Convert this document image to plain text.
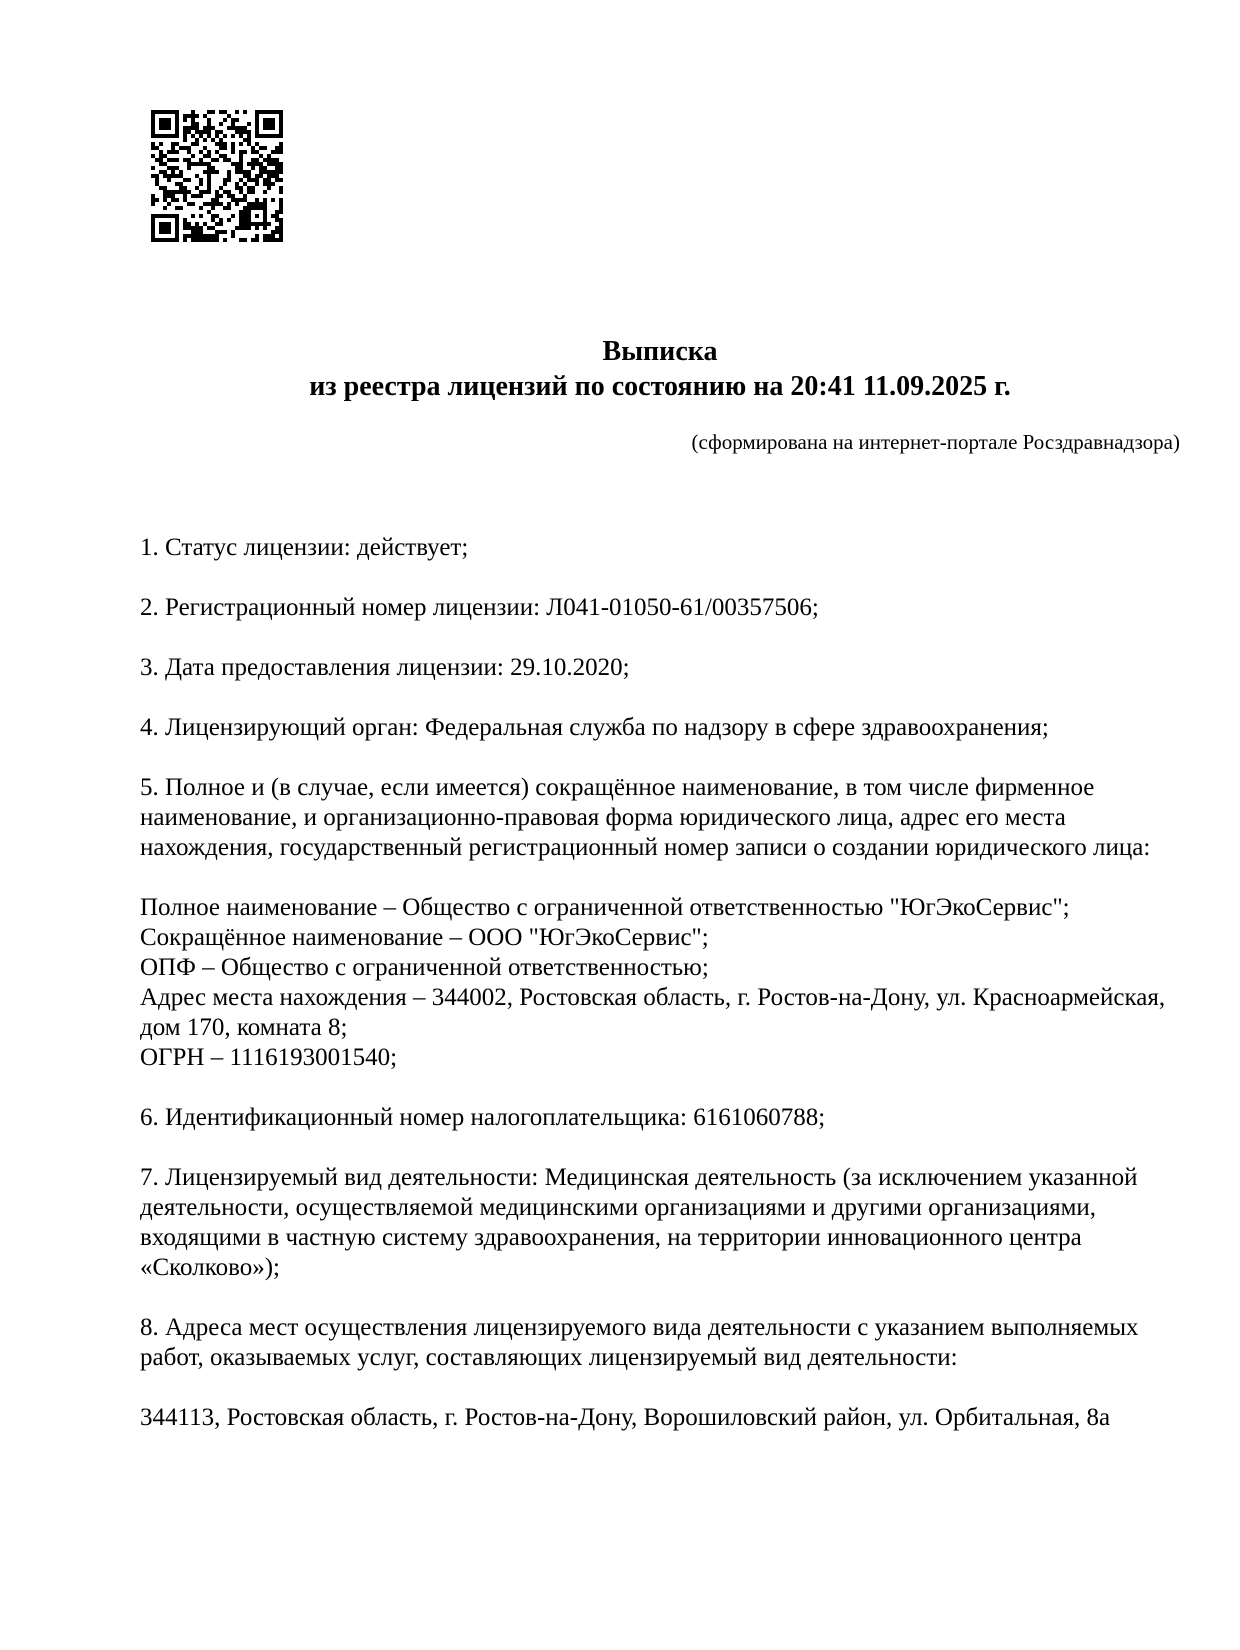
Выписка
из реестра лицензий по состоянию на 20:41 11.09.2025 г.
(сформирована на интернет-портале Росздравнадзора)
1. Статус лицензии: действует;
2. Регистрационный номер лицензии: Л041-01050-61/00357506;
3. Дата предоставления лицензии: 29.10.2020;
4. Лицензирующий орган: Федеральная служба по надзору в сфере здравоохранения;
5. Полное и (в случае, если имеется) сокращённое наименование, в том числе фирменное
наименование, и организационно-правовая форма юридического лица, адрес его места
нахождения, государственный регистрационный номер записи о создании юридического лица:
Полное наименование – Общество с ограниченной ответственностью "ЮгЭкоСервис";
Сокращённое наименование – ООО "ЮгЭкоСервис";
ОПФ – Общество с ограниченной ответственностью;
Адрес места нахождения – 344002, Ростовская область, г. Ростов-на-Дону, ул. Красноармейская,
дом 170, комната 8;
ОГРН – 1116193001540;
6. Идентификационный номер налогоплательщика: 6161060788;
7. Лицензируемый вид деятельности: Медицинская деятельность (за исключением указанной
деятельности, осуществляемой медицинскими организациями и другими организациями,
входящими в частную систему здравоохранения, на территории инновационного центра
«Сколково»);
8. Адреса мест осуществления лицензируемого вида деятельности с указанием выполняемых
работ, оказываемых услуг, составляющих лицензируемый вид деятельности:
344113, Ростовская область, г. Ростов-на-Дону, Ворошиловский район, ул. Орбитальная, 8а
